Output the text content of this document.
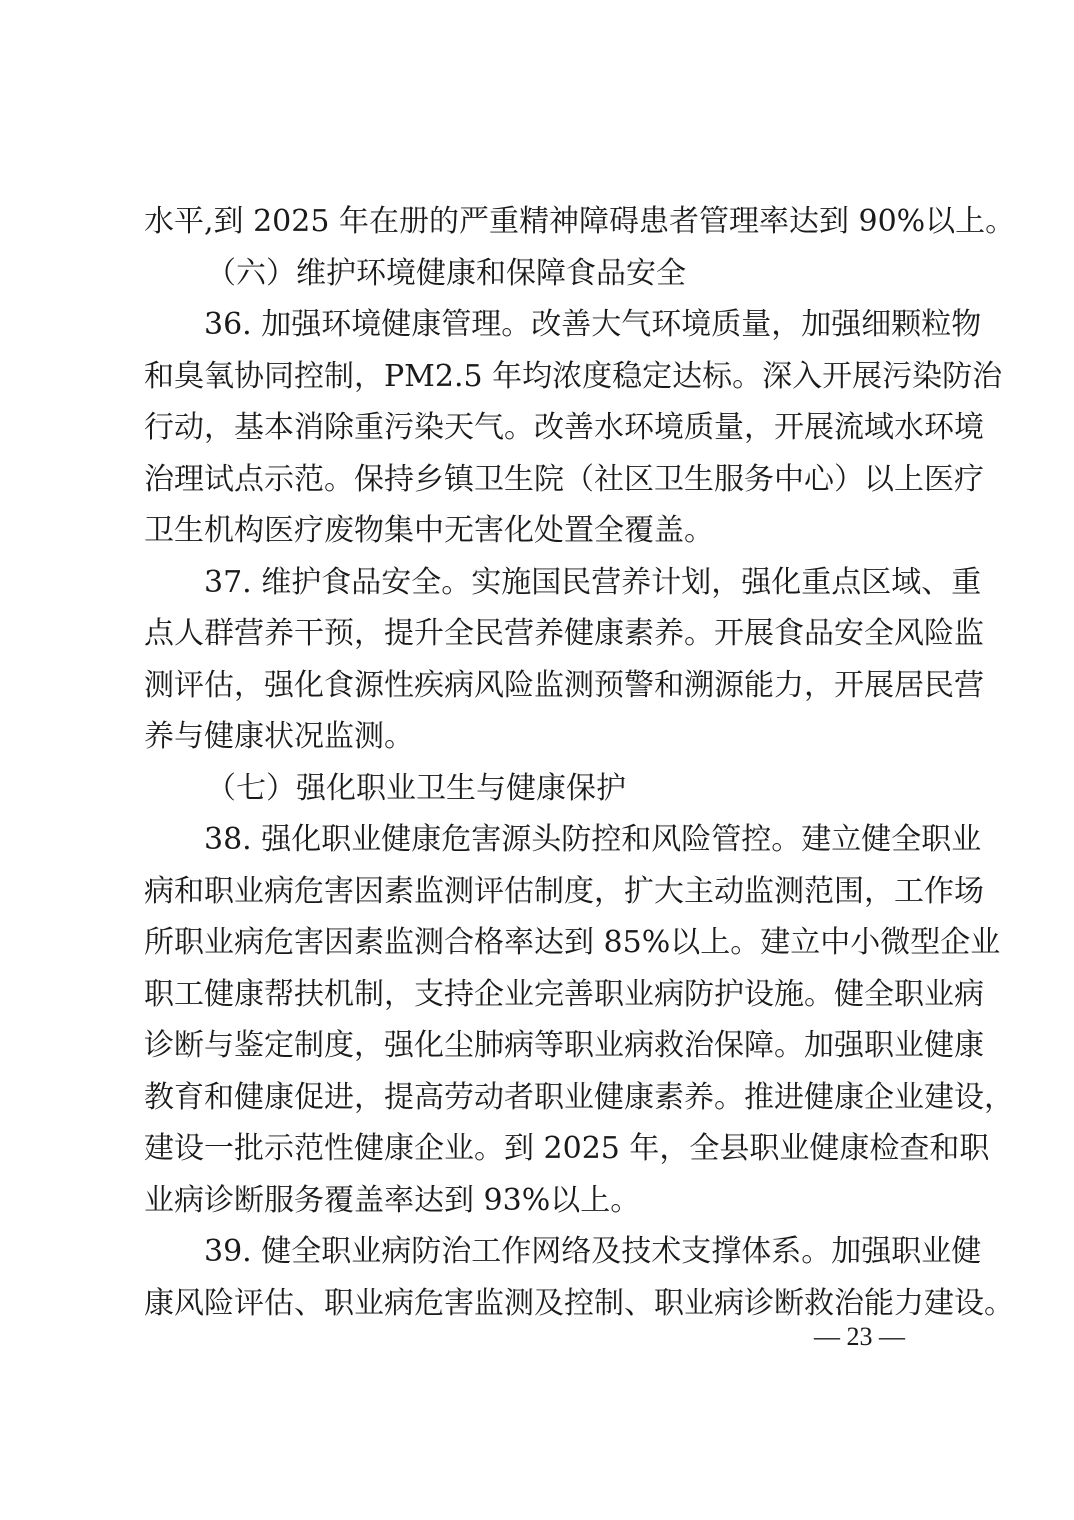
水平,到 2025 年在册的严重精神障碍患者管理率达到 90%以上。
（六）维护环境健康和保障食品安全
36. 加强环境健康管理。改善大气环境质量，加强细颗粒物
和臭氧协同控制，PM2.5 年均浓度稳定达标。深入开展污染防治
行动，基本消除重污染天气。改善水环境质量，开展流域水环境
治理试点示范。保持乡镇卫生院（社区卫生服务中心）以上医疗
卫生机构医疗废物集中无害化处置全覆盖。
37. 维护食品安全。实施国民营养计划，强化重点区域、重
点人群营养干预，提升全民营养健康素养。开展食品安全风险监
测评估，强化食源性疾病风险监测预警和溯源能力，开展居民营
养与健康状况监测。
（七）强化职业卫生与健康保护
38. 强化职业健康危害源头防控和风险管控。建立健全职业
病和职业病危害因素监测评估制度，扩大主动监测范围，工作场
所职业病危害因素监测合格率达到 85%以上。建立中小微型企业
职工健康帮扶机制，支持企业完善职业病防护设施。健全职业病
诊断与鉴定制度，强化尘肺病等职业病救治保障。加强职业健康
教育和健康促进，提高劳动者职业健康素养。推进健康企业建设，
建设一批示范性健康企业。到 2025 年，全县职业健康检查和职
业病诊断服务覆盖率达到 93%以上。
39. 健全职业病防治工作网络及技术支撑体系。加强职业健
康风险评估、职业病危害监测及控制、职业病诊断救治能力建设。
— 23 —
